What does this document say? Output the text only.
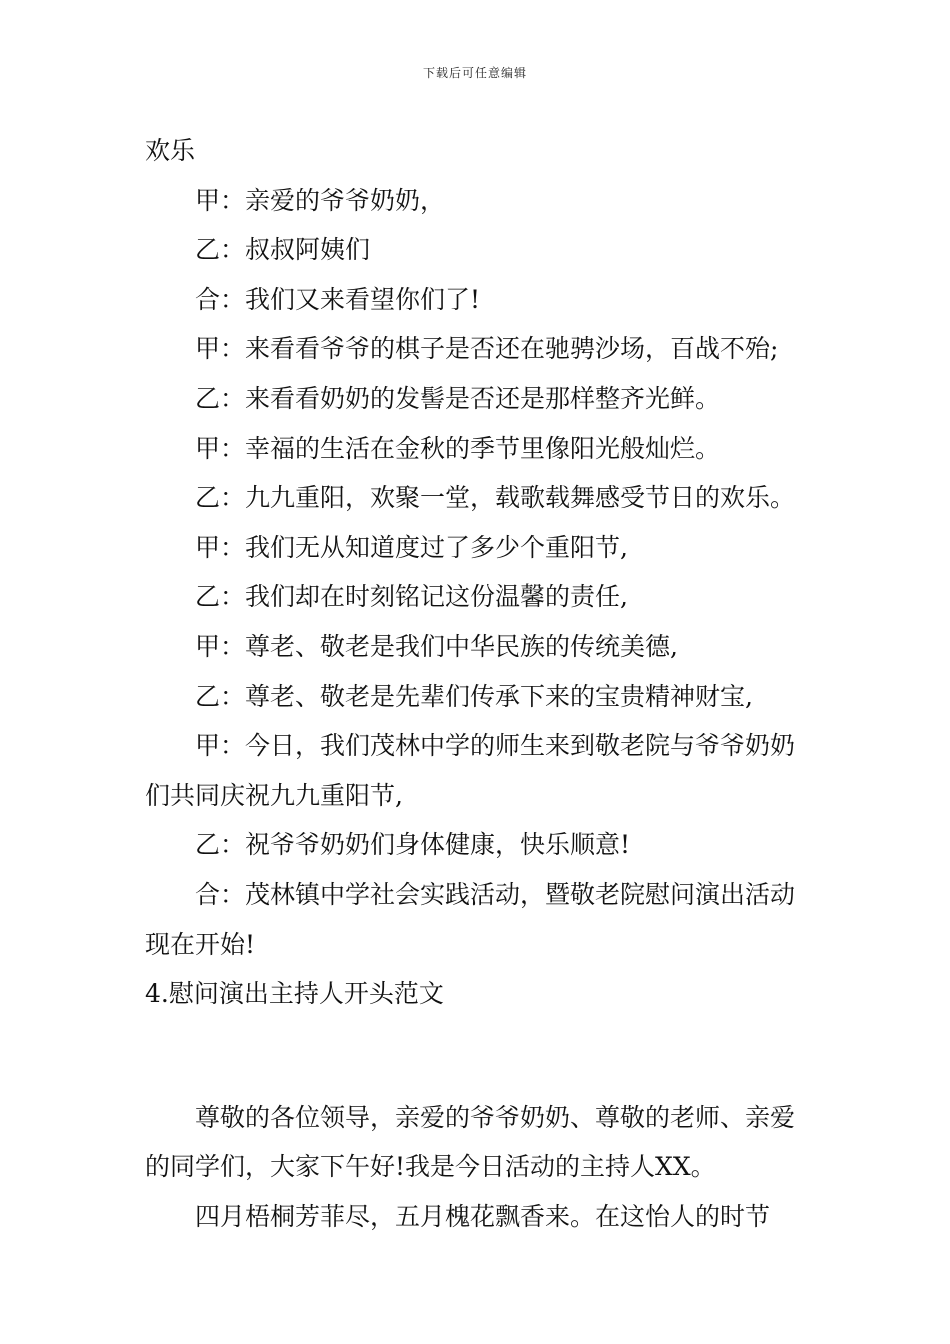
下载后可任意编辑

欢乐

甲：亲爱的爷爷奶奶，

乙：叔叔阿姨们

合：我们又来看望你们了!

甲：来看看爷爷的棋子是否还在驰骋沙场，百战不殆;

乙：来看看奶奶的发髻是否还是那样整齐光鲜。

甲：幸福的生活在金秋的季节里像阳光般灿烂。

乙：九九重阳，欢聚一堂，载歌载舞感受节日的欢乐。

甲：我们无从知道度过了多少个重阳节,

乙：我们却在时刻铭记这份温馨的责任,

甲：尊老、敬老是我们中华民族的传统美德,

乙：尊老、敬老是先辈们传承下来的宝贵精神财宝,

甲：今日，我们茂林中学的师生来到敬老院与爷爷奶奶们共同庆祝九九重阳节,

乙：祝爷爷奶奶们身体健康，快乐顺意!

合：茂林镇中学社会实践活动，暨敬老院慰问演出活动现在开始!

4.慰问演出主持人开头范文

尊敬的各位领导，亲爱的爷爷奶奶、尊敬的老师、亲爱的同学们，大家下午好!我是今日活动的主持人XX。

四月梧桐芳菲尽，五月槐花飘香来。在这怡人的时节
